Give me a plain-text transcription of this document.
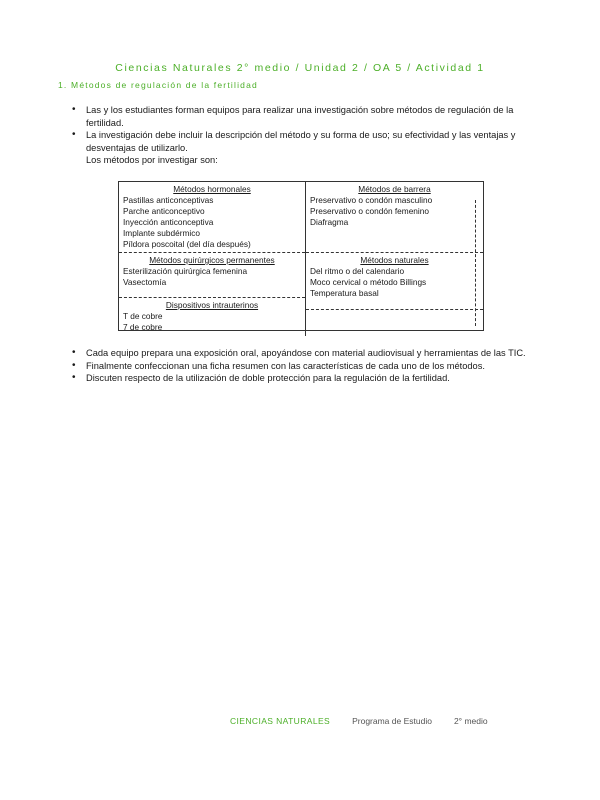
Ciencias Naturales 2° medio / Unidad 2 / OA 5 / Actividad 1
1. Métodos de regulación de la fertilidad
• Las y los estudiantes forman equipos para realizar una investigación sobre métodos de regulación de la fertilidad.
• La investigación debe incluir la descripción del método y su forma de uso; su efectividad y las ventajas y desventajas de utilizarlo.
Los métodos por investigar son:
Métodos hormonales
Pastillas anticonceptivas
Parche anticonceptivo
Inyección anticonceptiva
Implante subdérmico
Píldora poscoital (del día después)
Métodos quirúrgicos permanentes
Esterilización quirúrgica femenina
Vasectomía
Dispositivos intrauterinos
T de cobre
7 de cobre
Métodos de barrera
Preservativo o condón masculino
Preservativo o condón femenino
Diafragma
Métodos naturales
Del ritmo o del calendario
Moco cervical o método Billings
Temperatura basal
• Cada equipo prepara una exposición oral, apoyándose con material audiovisual y herramientas de las TIC.
• Finalmente confeccionan una ficha resumen con las características de cada uno de los métodos.
• Discuten respecto de la utilización de doble protección para la regulación de la fertilidad.
CIENCIAS NATURALES	Programa de Estudio	2° medio
